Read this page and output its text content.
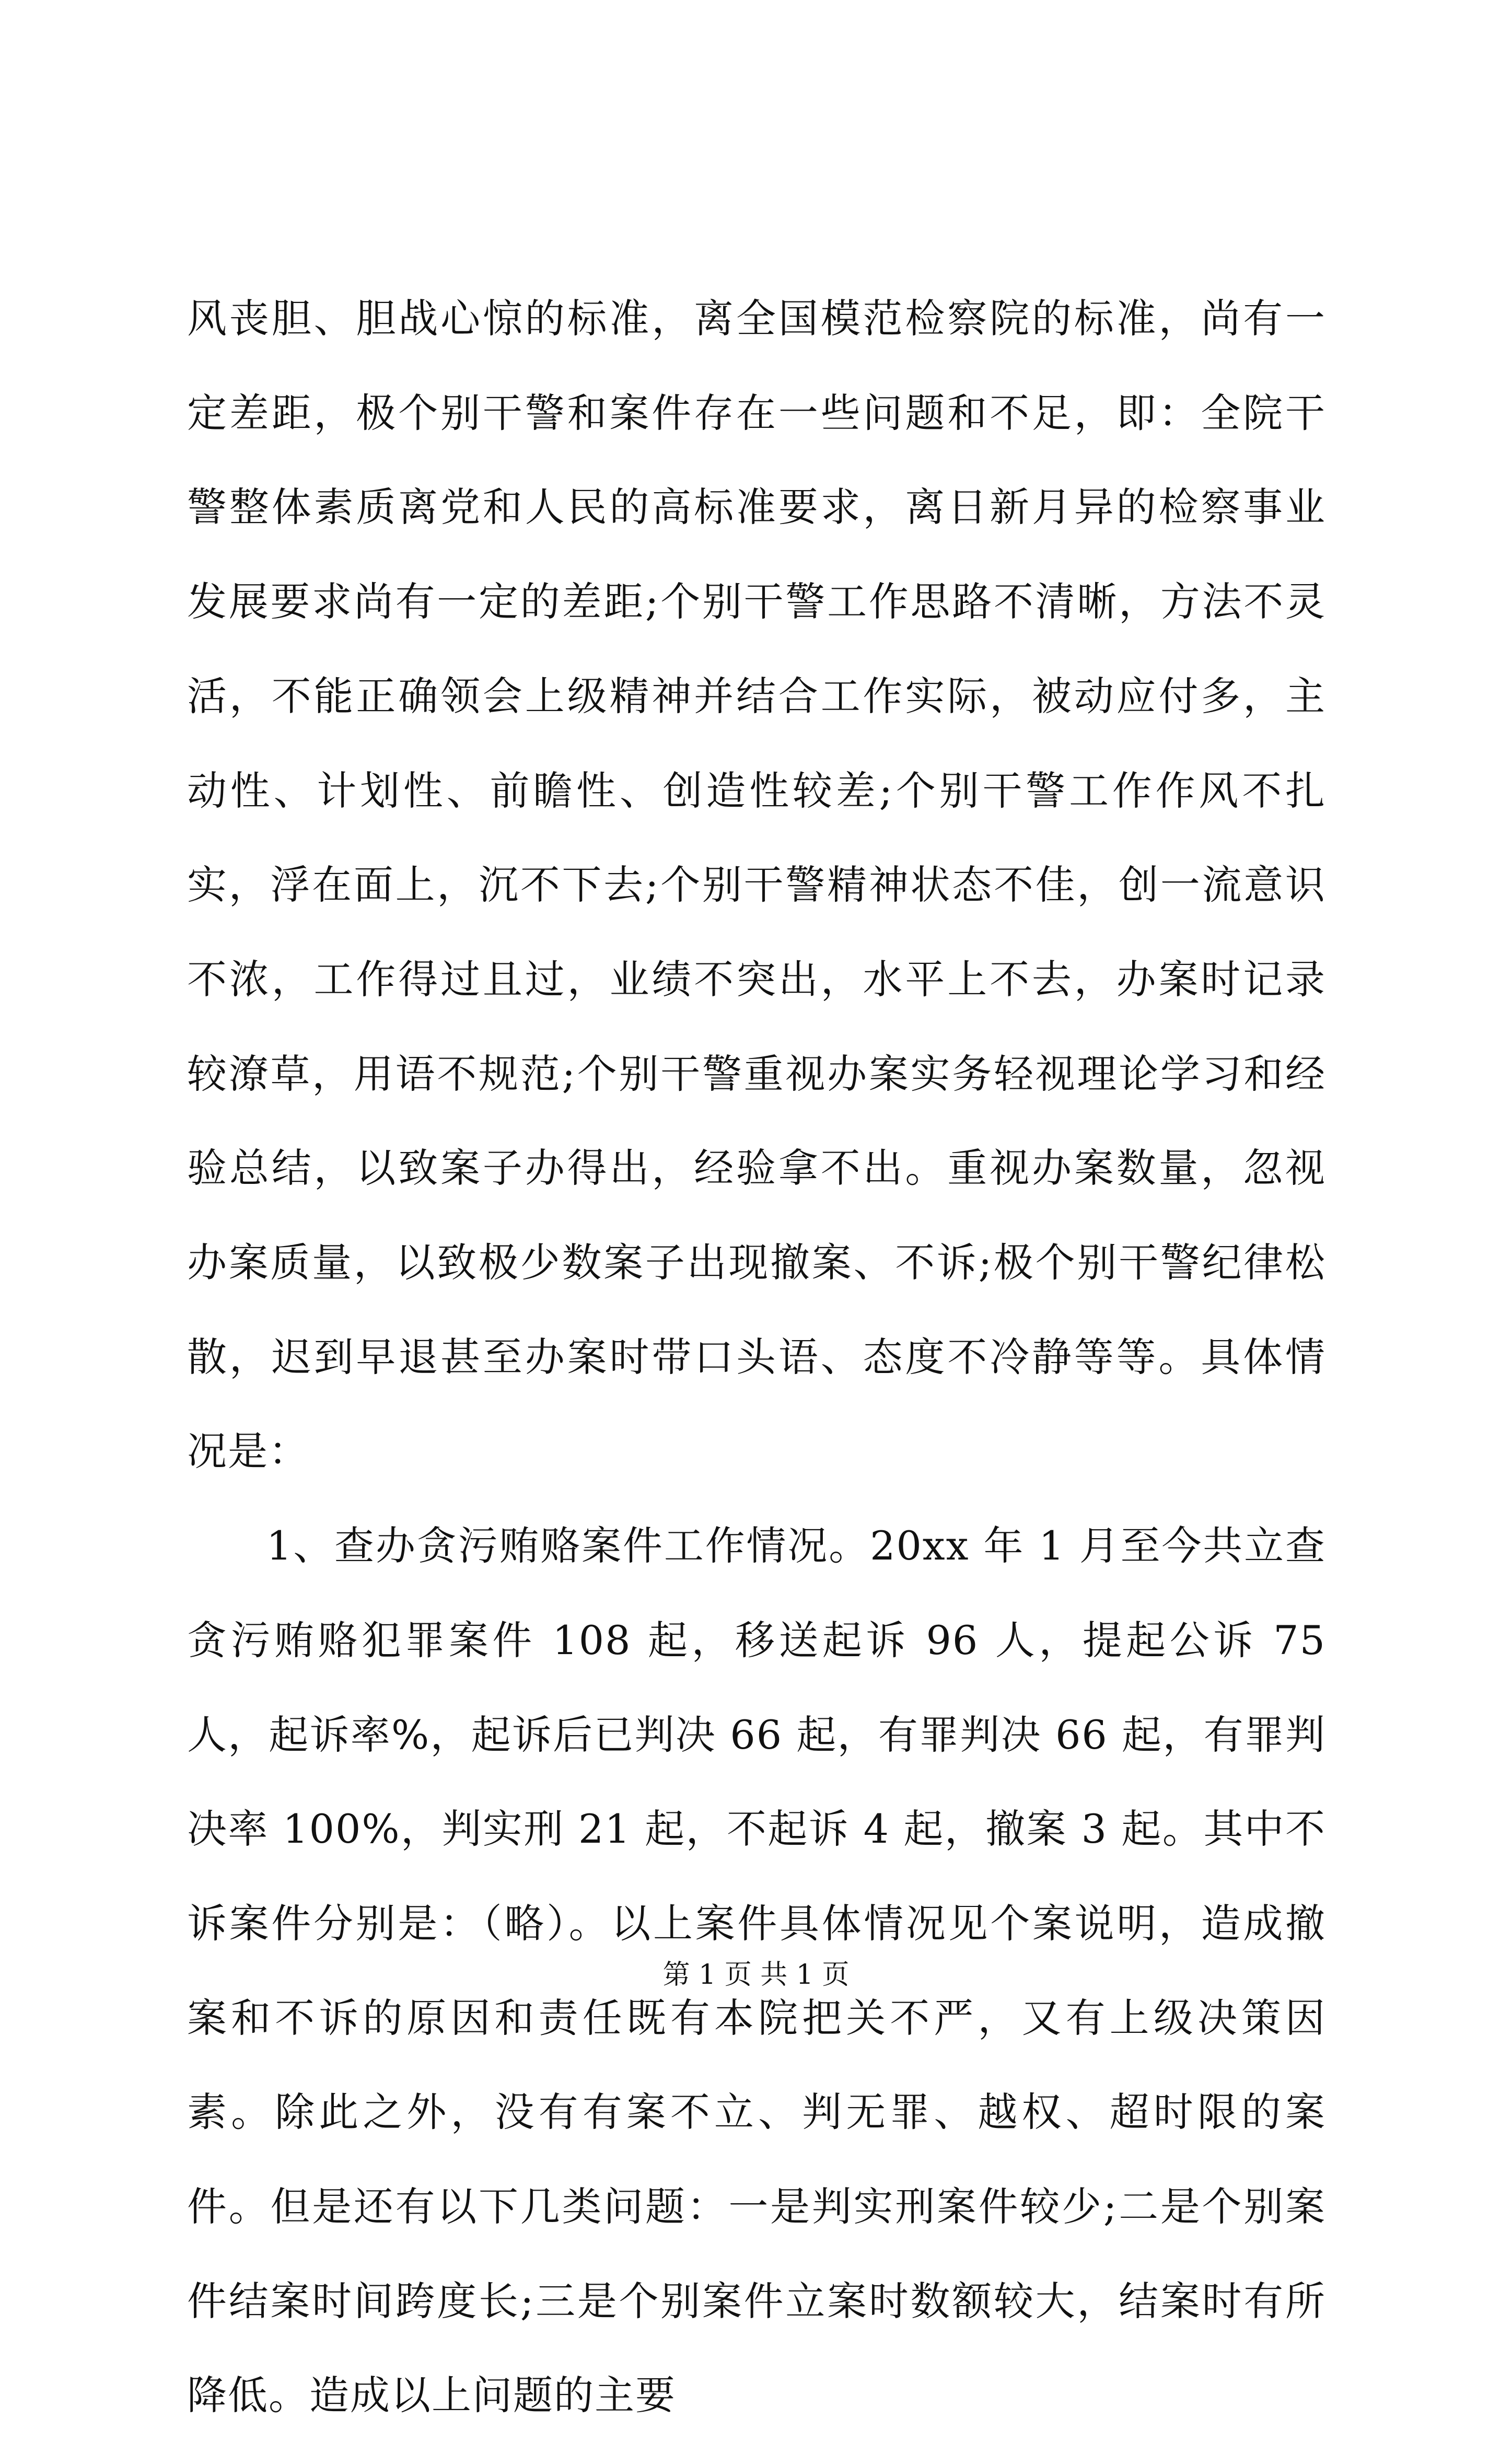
风丧胆、胆战心惊的标准，离全国模范检察院的标准，尚有一定差距，极个别干警和案件存在一些问题和不足，即：全院干警整体素质离党和人民的高标准要求，离日新月异的检察事业发展要求尚有一定的差距;个别干警工作思路不清晰，方法不灵活，不能正确领会上级精神并结合工作实际，被动应付多，主动性、计划性、前瞻性、创造性较差;个别干警工作作风不扎实，浮在面上，沉不下去;个别干警精神状态不佳，创一流意识不浓，工作得过且过，业绩不突出，水平上不去，办案时记录较潦草，用语不规范;个别干警重视办案实务轻视理论学习和经验总结，以致案子办得出，经验拿不出。重视办案数量，忽视办案质量，以致极少数案子出现撤案、不诉;极个别干警纪律松散，迟到早退甚至办案时带口头语、态度不冷静等等。具体情况是：

1、查办贪污贿赂案件工作情况。20xx 年 1 月至今共立查贪污贿赂犯罪案件 108 起，移送起诉 96 人，提起公诉 75 人，起诉率%，起诉后已判决 66 起，有罪判决 66 起，有罪判决率 100%，判实刑 21 起，不起诉 4 起，撤案 3 起。其中不诉案件分别是：（略）。以上案件具体情况见个案说明，造成撤案和不诉的原因和责任既有本院把关不严，又有上级决策因素。除此之外，没有有案不立、判无罪、越权、超时限的案件。但是还有以下几类问题：一是判实刑案件较少;二是个别案件结案时间跨度长;三是个别案件立案时数额较大，结案时有所降低。造成以上问题的主要

第 1 页 共 1 页
